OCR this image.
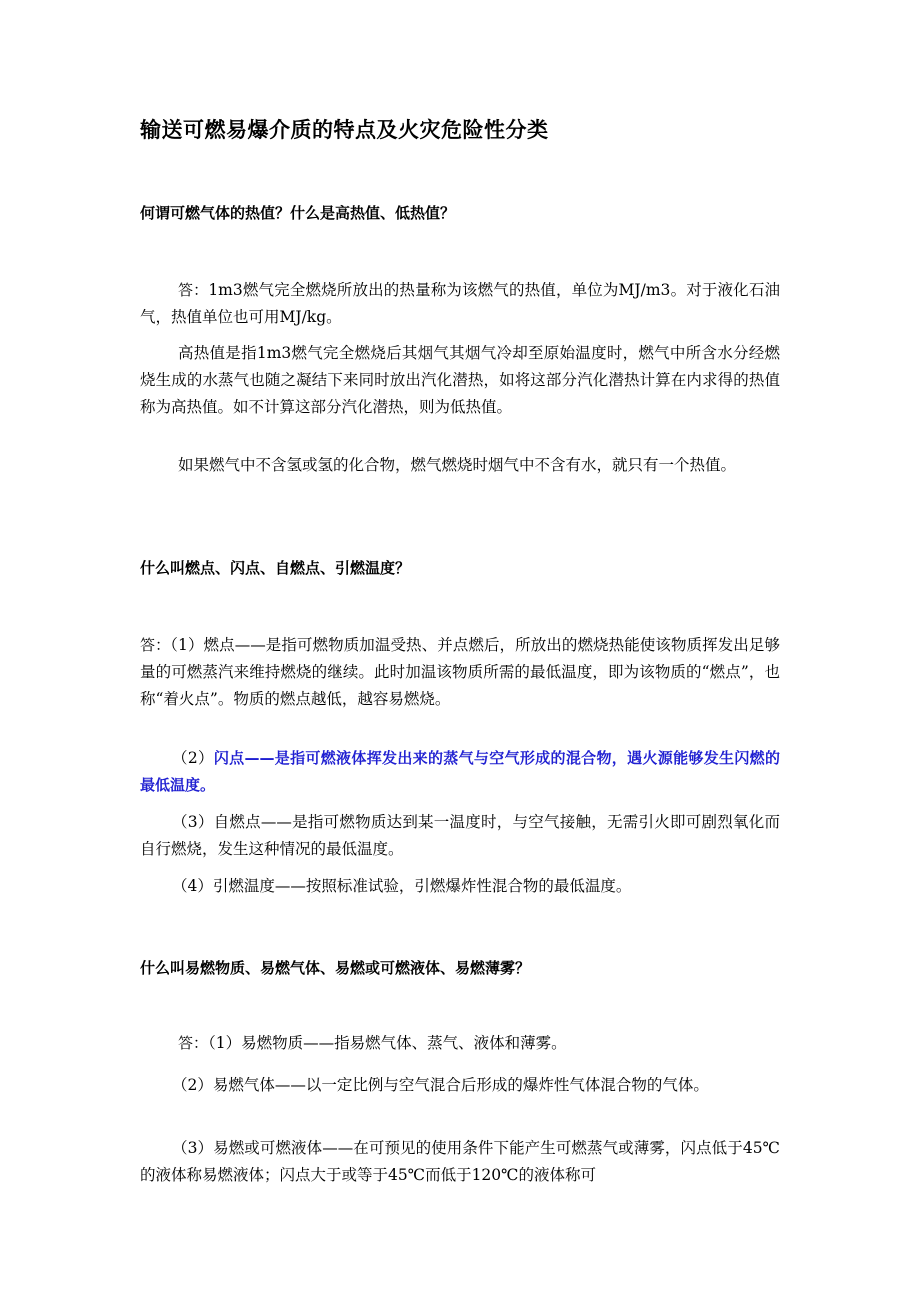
输送可燃易爆介质的特点及火灾危险性分类
何谓可燃气体的热值？什么是高热值、低热值？

答：1m3燃气完全燃烧所放出的热量称为该燃气的热值，单位为MJ/m3。对于液化石油气，热值单位也可用MJ/kg。

高热值是指1m3燃气完全燃烧后其烟气其烟气冷却至原始温度时，燃气中所含水分经燃烧生成的水蒸气也随之凝结下来同时放出汽化潜热，如将这部分汽化潜热计算在内求得的热值称为高热值。如不计算这部分汽化潜热，则为低热值。

如果燃气中不含氢或氢的化合物，燃气燃烧时烟气中不含有水，就只有一个热值。

什么叫燃点、闪点、自燃点、引燃温度？

答：（1）燃点——是指可燃物质加温受热、并点燃后，所放出的燃烧热能使该物质挥发出足够量的可燃蒸汽来维持燃烧的继续。此时加温该物质所需的最低温度，即为该物质的“燃点”，也称“着火点”。物质的燃点越低，越容易燃烧。

（2）闪点——是指可燃液体挥发出来的蒸气与空气形成的混合物，遇火源能够发生闪燃的最低温度。

（3）自燃点——是指可燃物质达到某一温度时，与空气接触，无需引火即可剧烈氧化而自行燃烧，发生这种情况的最低温度。

（4）引燃温度——按照标准试验，引燃爆炸性混合物的最低温度。

什么叫易燃物质、易燃气体、易燃或可燃液体、易燃薄雾？

答：（1）易燃物质——指易燃气体、蒸气、液体和薄雾。

（2）易燃气体——以一定比例与空气混合后形成的爆炸性气体混合物的气体。

（3）易燃或可燃液体——在可预见的使用条件下能产生可燃蒸气或薄雾，闪点低于45℃的液体称易燃液体；闪点大于或等于45℃而低于120℃的液体称可
